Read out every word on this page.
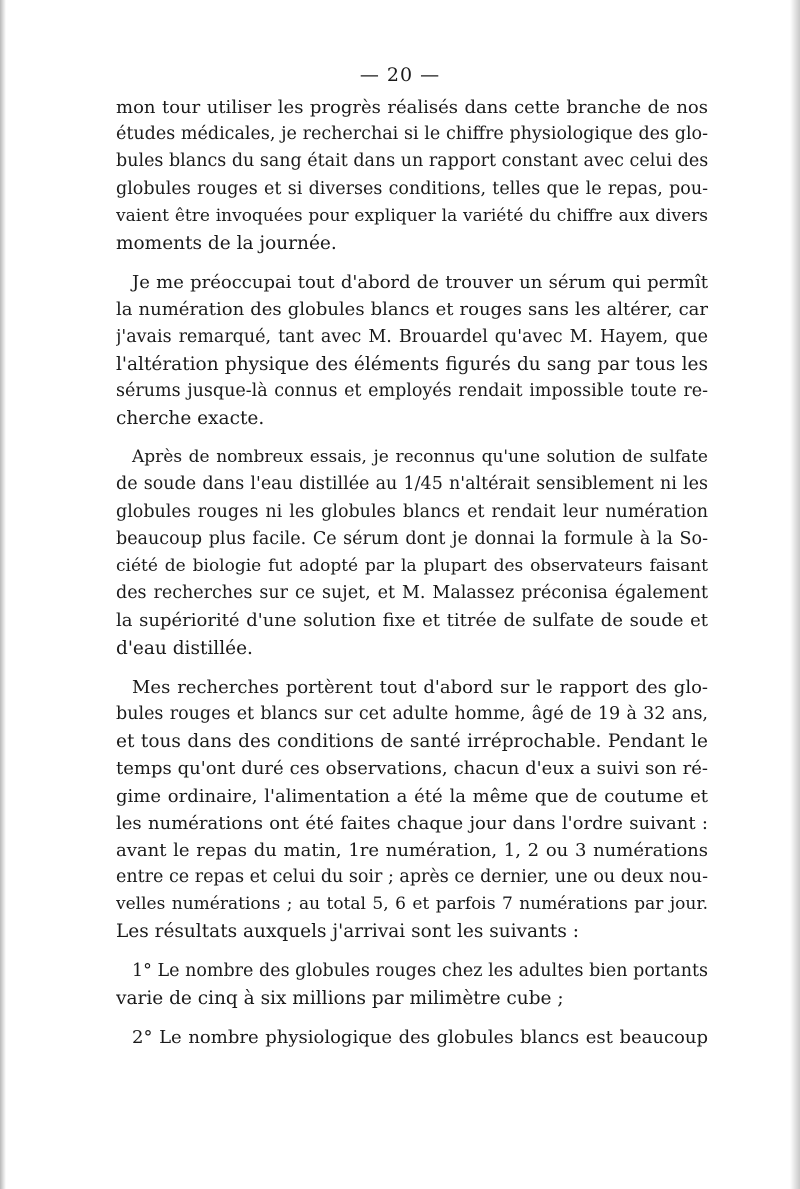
— 20 —
mon tour utiliser les progrès réalisés dans cette branche de nos
études médicales, je recherchai si le chiffre physiologique des glo-
bules blancs du sang était dans un rapport constant avec celui des
globules rouges et si diverses conditions, telles que le repas, pou-
vaient être invoquées pour expliquer la variété du chiffre aux divers
moments de la journée.
Je me préoccupai tout d'abord de trouver un sérum qui permît
la numération des globules blancs et rouges sans les altérer, car
j'avais remarqué, tant avec M. Brouardel qu'avec M. Hayem, que
l'altération physique des éléments figurés du sang par tous les
sérums jusque-là connus et employés rendait impossible toute re-
cherche exacte.
Après de nombreux essais, je reconnus qu'une solution de sulfate
de soude dans l'eau distillée au 1/45 n'altérait sensiblement ni les
globules rouges ni les globules blancs et rendait leur numération
beaucoup plus facile. Ce sérum dont je donnai la formule à la So-
ciété de biologie fut adopté par la plupart des observateurs faisant
des recherches sur ce sujet, et M. Malassez préconisa également
la supériorité d'une solution fixe et titrée de sulfate de soude et
d'eau distillée.
Mes recherches portèrent tout d'abord sur le rapport des glo-
bules rouges et blancs sur cet adulte homme, âgé de 19 à 32 ans,
et tous dans des conditions de santé irréprochable. Pendant le
temps qu'ont duré ces observations, chacun d'eux a suivi son ré-
gime ordinaire, l'alimentation a été la même que de coutume et
les numérations ont été faites chaque jour dans l'ordre suivant :
avant le repas du matin, 1re numération, 1, 2 ou 3 numérations
entre ce repas et celui du soir ; après ce dernier, une ou deux nou-
velles numérations ; au total 5, 6 et parfois 7 numérations par jour.
Les résultats auxquels j'arrivai sont les suivants :
1° Le nombre des globules rouges chez les adultes bien portants
varie de cinq à six millions par milimètre cube ;
2° Le nombre physiologique des globules blancs est beaucoup
